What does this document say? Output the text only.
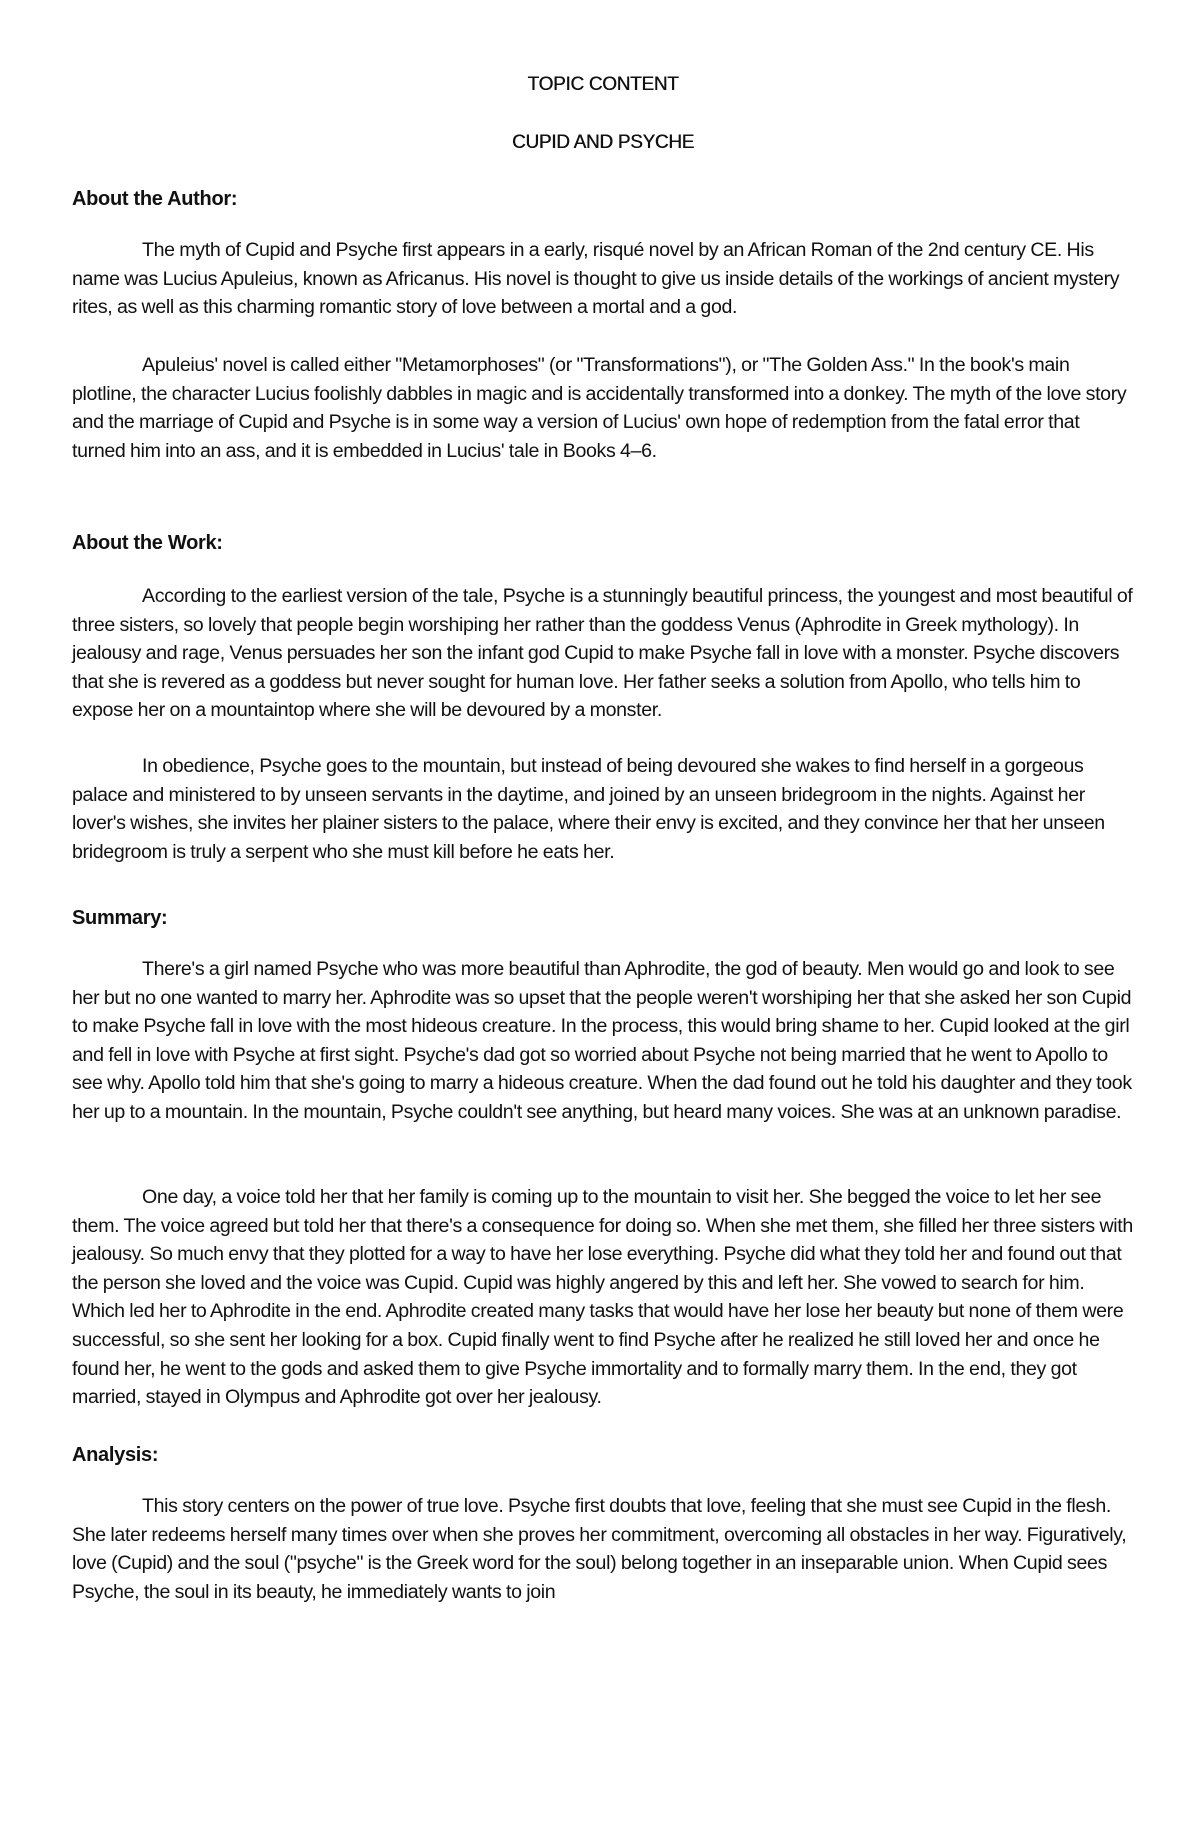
TOPIC CONTENT

CUPID AND PSYCHE

About the Author:

The myth of Cupid and Psyche first appears in a early, risqué novel by an African Roman of the 2nd century CE. His name was Lucius Apuleius, known as Africanus. His novel is thought to give us inside details of the workings of ancient mystery rites, as well as this charming romantic story of love between a mortal and a god.

Apuleius' novel is called either "Metamorphoses" (or "Transformations"), or "The Golden Ass." In the book's main plotline, the character Lucius foolishly dabbles in magic and is accidentally transformed into a donkey. The myth of the love story and the marriage of Cupid and Psyche is in some way a version of Lucius' own hope of redemption from the fatal error that turned him into an ass, and it is embedded in Lucius' tale in Books 4–6.

About the Work:

According to the earliest version of the tale, Psyche is a stunningly beautiful princess, the youngest and most beautiful of three sisters, so lovely that people begin worshiping her rather than the goddess Venus (Aphrodite in Greek mythology). In jealousy and rage, Venus persuades her son the infant god Cupid to make Psyche fall in love with a monster. Psyche discovers that she is revered as a goddess but never sought for human love. Her father seeks a solution from Apollo, who tells him to expose her on a mountaintop where she will be devoured by a monster.

In obedience, Psyche goes to the mountain, but instead of being devoured she wakes to find herself in a gorgeous palace and ministered to by unseen servants in the daytime, and joined by an unseen bridegroom in the nights. Against her lover's wishes, she invites her plainer sisters to the palace, where their envy is excited, and they convince her that her unseen bridegroom is truly a serpent who she must kill before he eats her.

Summary:

There's a girl named Psyche who was more beautiful than Aphrodite, the god of beauty. Men would go and look to see her but no one wanted to marry her. Aphrodite was so upset that the people weren't worshiping her that she asked her son Cupid to make Psyche fall in love with the most hideous creature. In the process, this would bring shame to her. Cupid looked at the girl and fell in love with Psyche at first sight. Psyche's dad got so worried about Psyche not being married that he went to Apollo to see why. Apollo told him that she's going to marry a hideous creature. When the dad found out he told his daughter and they took her up to a mountain. In the mountain, Psyche couldn't see anything, but heard many voices. She was at an unknown paradise.

One day, a voice told her that her family is coming up to the mountain to visit her. She begged the voice to let her see them. The voice agreed but told her that there's a consequence for doing so. When she met them, she filled her three sisters with jealousy. So much envy that they plotted for a way to have her lose everything. Psyche did what they told her and found out that the person she loved and the voice was Cupid. Cupid was highly angered by this and left her. She vowed to search for him. Which led her to Aphrodite in the end. Aphrodite created many tasks that would have her lose her beauty but none of them were successful, so she sent her looking for a box. Cupid finally went to find Psyche after he realized he still loved her and once he found her, he went to the gods and asked them to give Psyche immortality and to formally marry them. In the end, they got married, stayed in Olympus and Aphrodite got over her jealousy.

Analysis:

This story centers on the power of true love. Psyche first doubts that love, feeling that she must see Cupid in the flesh. She later redeems herself many times over when she proves her commitment, overcoming all obstacles in her way. Figuratively, love (Cupid) and the soul ("psyche" is the Greek word for the soul) belong together in an inseparable union. When Cupid sees Psyche, the soul in its beauty, he immediately wants to join
